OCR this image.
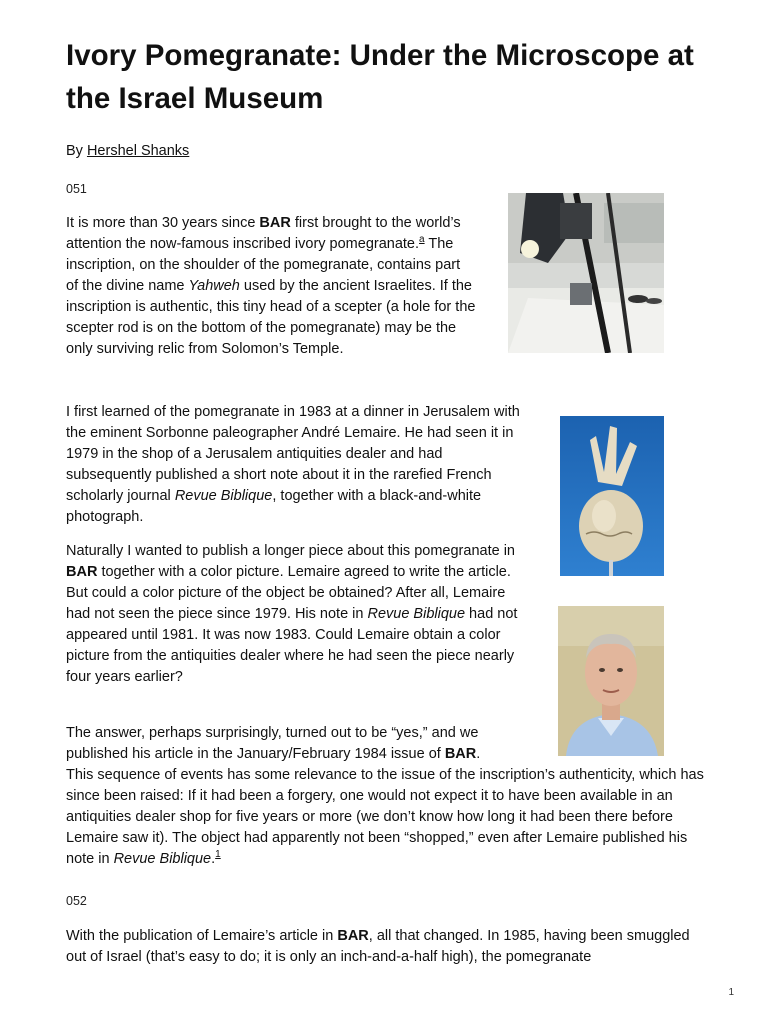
Ivory Pomegranate: Under the Microscope at the Israel Museum
By Hershel Shanks
051

It is more than 30 years since BAR first brought to the world’s attention the now-famous inscribed ivory pomegranate.$^a$ The inscription, on the shoulder of the pomegranate, contains part of the divine name Yahweh used by the ancient Israelites. If the inscription is authentic, this tiny head of a scepter (a hole for the scepter rod is on the bottom of the pomegranate) may be the only surviving relic from Solomon’s Temple.

I first learned of the pomegranate in 1983 at a dinner in Jerusalem with the eminent Sorbonne paleographer André Lemaire. He had seen it in 1979 in the shop of a Jerusalem antiquities dealer and had subsequently published a short note about it in the rarefied French scholarly journal Revue Biblique, together with a black-and-white photograph.

Naturally I wanted to publish a longer piece about this pomegranate in BAR together with a color picture. Lemaire agreed to write the article. But could a color picture of the object be obtained? After all, Lemaire had not seen the piece since 1979. His note in Revue Biblique had not appeared until 1981. It was now 1983. Could Lemaire obtain a color picture from the antiquities dealer where he had seen the piece nearly four years earlier?

The answer, perhaps surprisingly, turned out to be “yes,” and we published his article in the January/February 1984 issue of BAR.

This sequence of events has some relevance to the issue of the inscription’s authenticity, which has since been raised: If it had been a forgery, one would not expect it to have been available in an antiquities dealer shop for five years or more (we don’t know how long it had been there before Lemaire saw it). The object had apparently not been “shopped,” even after Lemaire published his note in Revue Biblique.$^1$

052

With the publication of Lemaire’s article in BAR, all that changed. In 1985, having been smuggled out of Israel (that’s easy to do; it is only an inch-and-a-half high), the pomegranate

1
